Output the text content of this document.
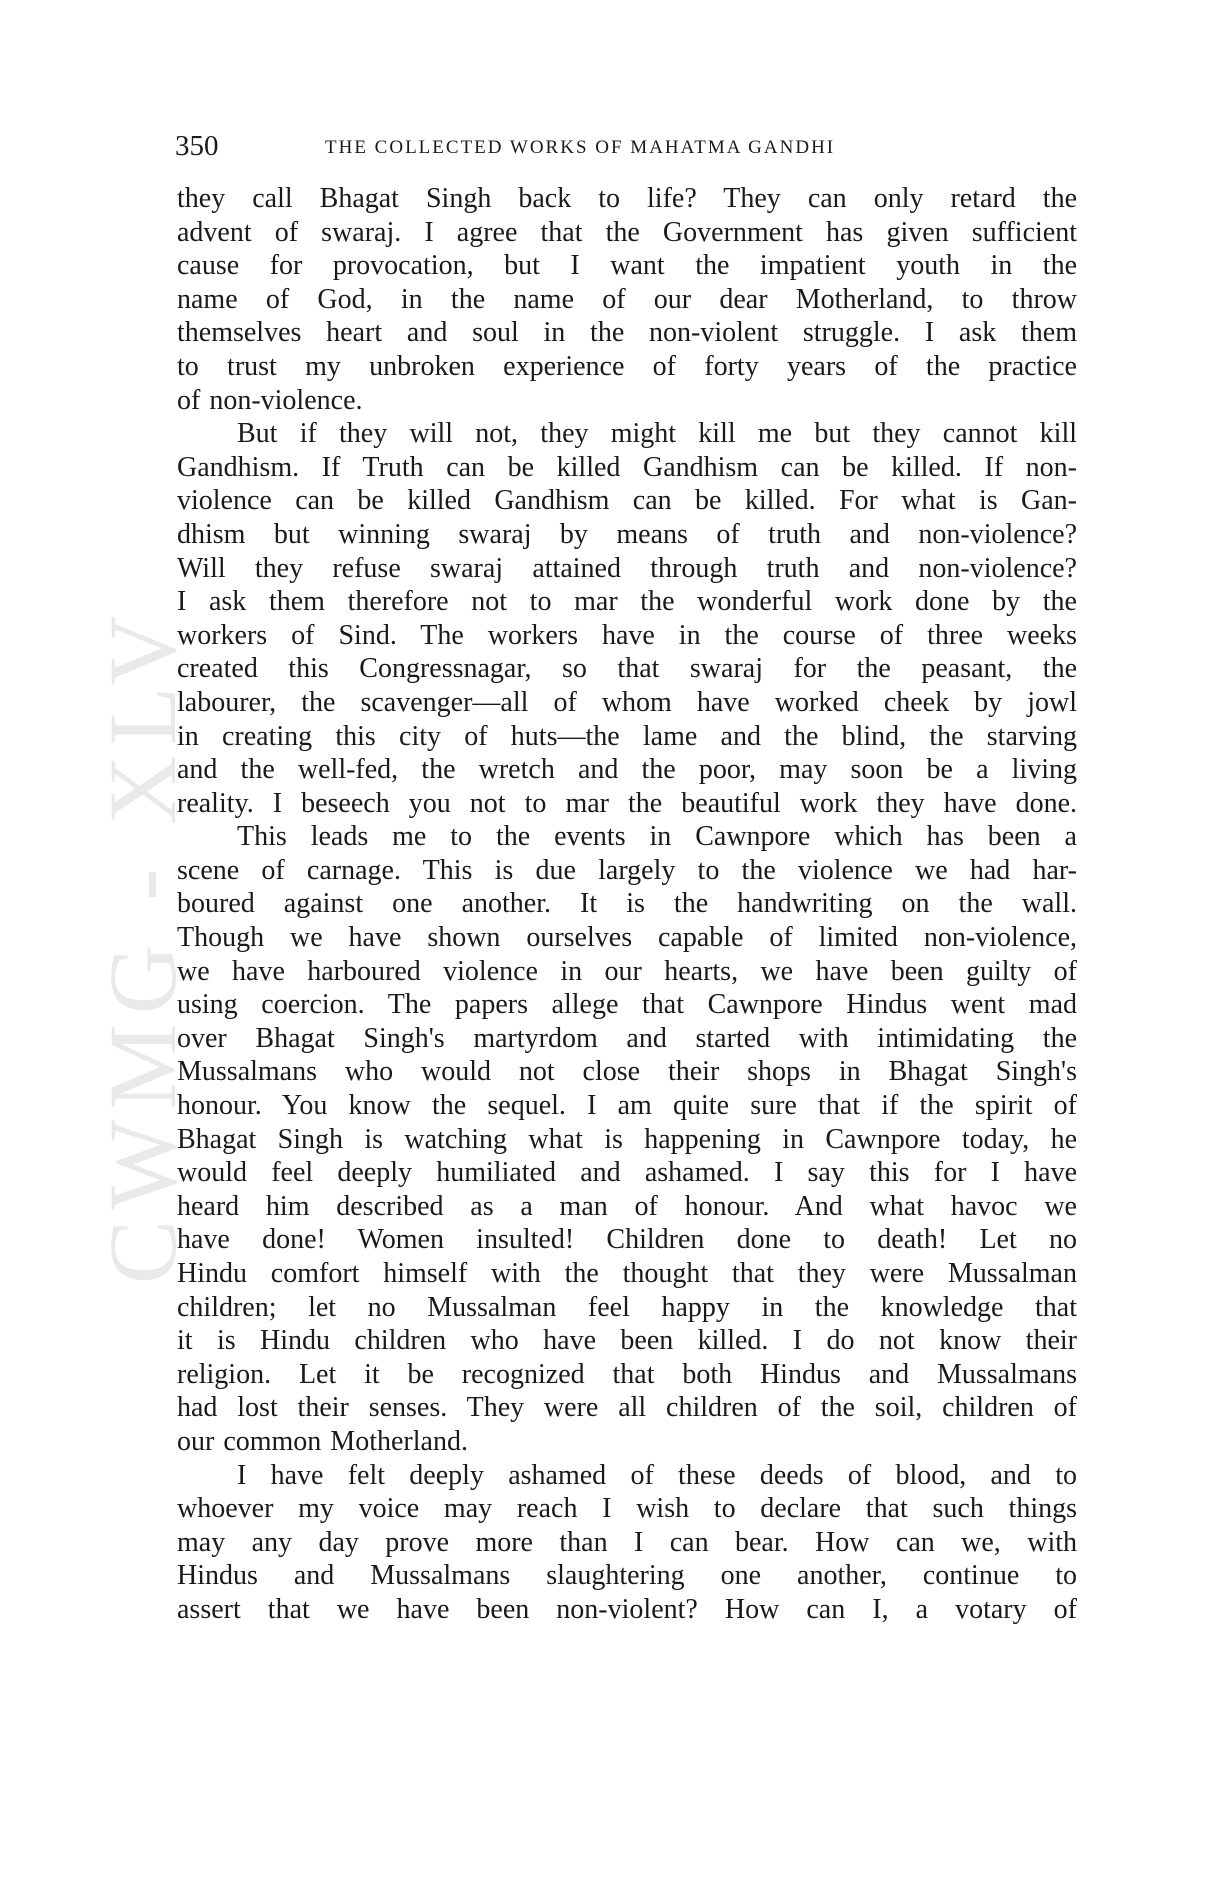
CWMG - XLV
350	THE COLLECTED WORKS OF MAHATMA GANDHI

they call Bhagat Singh back to life? They can only retard the

advent of swaraj. I agree that the Government has given sufficient

cause for provocation, but I want the impatient youth in the

name of God, in the name of our dear Motherland, to throw

themselves heart and soul in the non-violent struggle. I ask them

to trust my unbroken experience of forty years of the practice

of non-violence.

But if they will not, they might kill me but they cannot kill

Gandhism. If Truth can be killed Gandhism can be killed. If non-

violence can be killed Gandhism can be killed. For what is Gan-

dhism but winning swaraj by means of truth and non-violence?

Will they refuse swaraj attained through truth and non-violence?

I ask them therefore not to mar the wonderful work done by the

workers of Sind. The workers have in the course of three weeks

created this Congressnagar, so that swaraj for the peasant, the

labourer, the scavenger—all of whom have worked cheek by jowl

in creating this city of huts—the lame and the blind, the starving

and the well-fed, the wretch and the poor, may soon be a living

reality. I beseech you not to mar the beautiful work they have done.

This leads me to the events in Cawnpore which has been a

scene of carnage. This is due largely to the violence we had har-

boured against one another. It is the handwriting on the wall.

Though we have shown ourselves capable of limited non-violence,

we have harboured violence in our hearts, we have been guilty of

using coercion. The papers allege that Cawnpore Hindus went mad

over Bhagat Singh's martyrdom and started with intimidating the

Mussalmans who would not close their shops in Bhagat Singh's

honour. You know the sequel. I am quite sure that if the spirit of

Bhagat Singh is watching what is happening in Cawnpore today, he

would feel deeply humiliated and ashamed. I say this for I have

heard him described as a man of honour. And what havoc we

have done! Women insulted! Children done to death! Let no

Hindu comfort himself with the thought that they were Mussalman

children; let no Mussalman feel happy in the knowledge that

it is Hindu children who have been killed. I do not know their

religion. Let it be recognized that both Hindus and Mussalmans

had lost their senses. They were all children of the soil, children of

our common Motherland.

I have felt deeply ashamed of these deeds of blood, and to

whoever my voice may reach I wish to declare that such things

may any day prove more than I can bear. How can we, with

Hindus and Mussalmans slaughtering one another, continue to

assert that we have been non-violent? How can I, a votary of
